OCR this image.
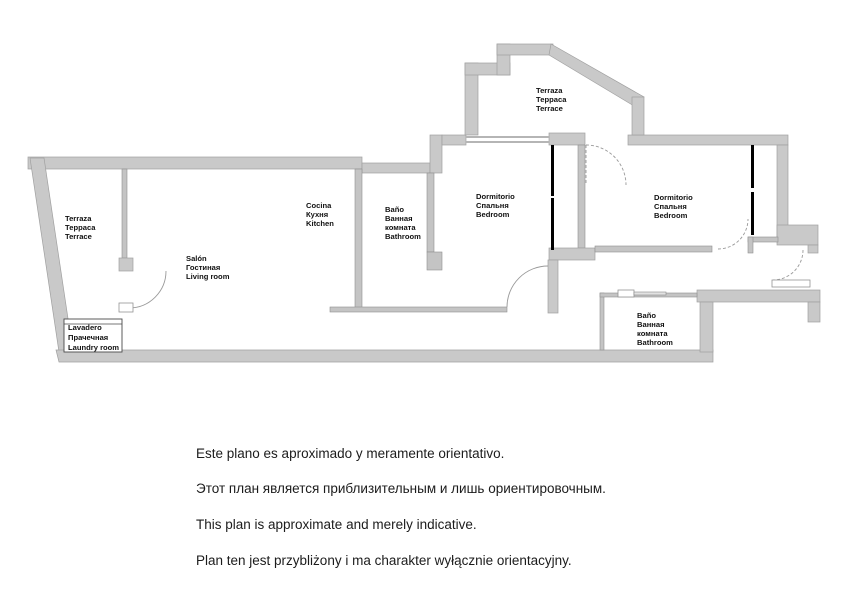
Terraza
Терраса
Terrace
Lavadero
Прачечная
Laundry room
Salón
Гостиная
Living room
Cocina
Кухня
Kitchen
Baño
Ванная
комната
Bathroom
Dormitorio
Спальня
Bedroom
Terraza
Терраса
Terrace
Dormitorio
Спальня
Bedroom
Baño
Ванная
комната
Bathroom
Este plano es aproximado y meramente orientativo.
Этот план является приблизительным и лишь ориентировочным.
This plan is approximate and merely indicative.
Plan ten jest przybliżony i ma charakter wyłącznie orientacyjny.
